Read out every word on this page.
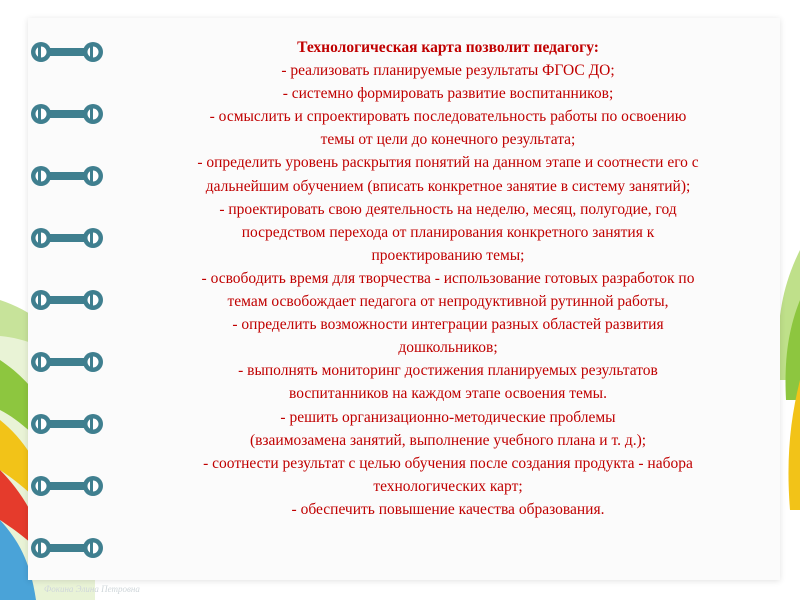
Технологическая карта позволит педагогу:
- реализовать планируемые результаты ФГОС ДО;
- системно формировать развитие воспитанников;
- осмыслить и спроектировать последовательность работы по освоению
темы от цели до конечного результата;
- определить уровень раскрытия понятий на данном этапе и соотнести его с
дальнейшим обучением (вписать конкретное занятие в систему занятий);
- проектировать свою деятельность на неделю, месяц, полугодие, год
посредством перехода от планирования конкретного занятия к
проектированию темы;
- освободить время для творчества - использование готовых разработок по
темам освобождает педагога от непродуктивной рутинной работы,
- определить возможности интеграции разных областей развития
дошкольников;
- выполнять мониторинг достижения планируемых результатов
воспитанников на каждом этапе освоения темы.
- решить организационно-методические проблемы
(взаимозамена занятий, выполнение учебного плана и т. д.);
- соотнести результат с целью обучения после создания продукта - набора
технологических карт;
- обеспечить повышение качества образования.
Фокина Элина Петровна
